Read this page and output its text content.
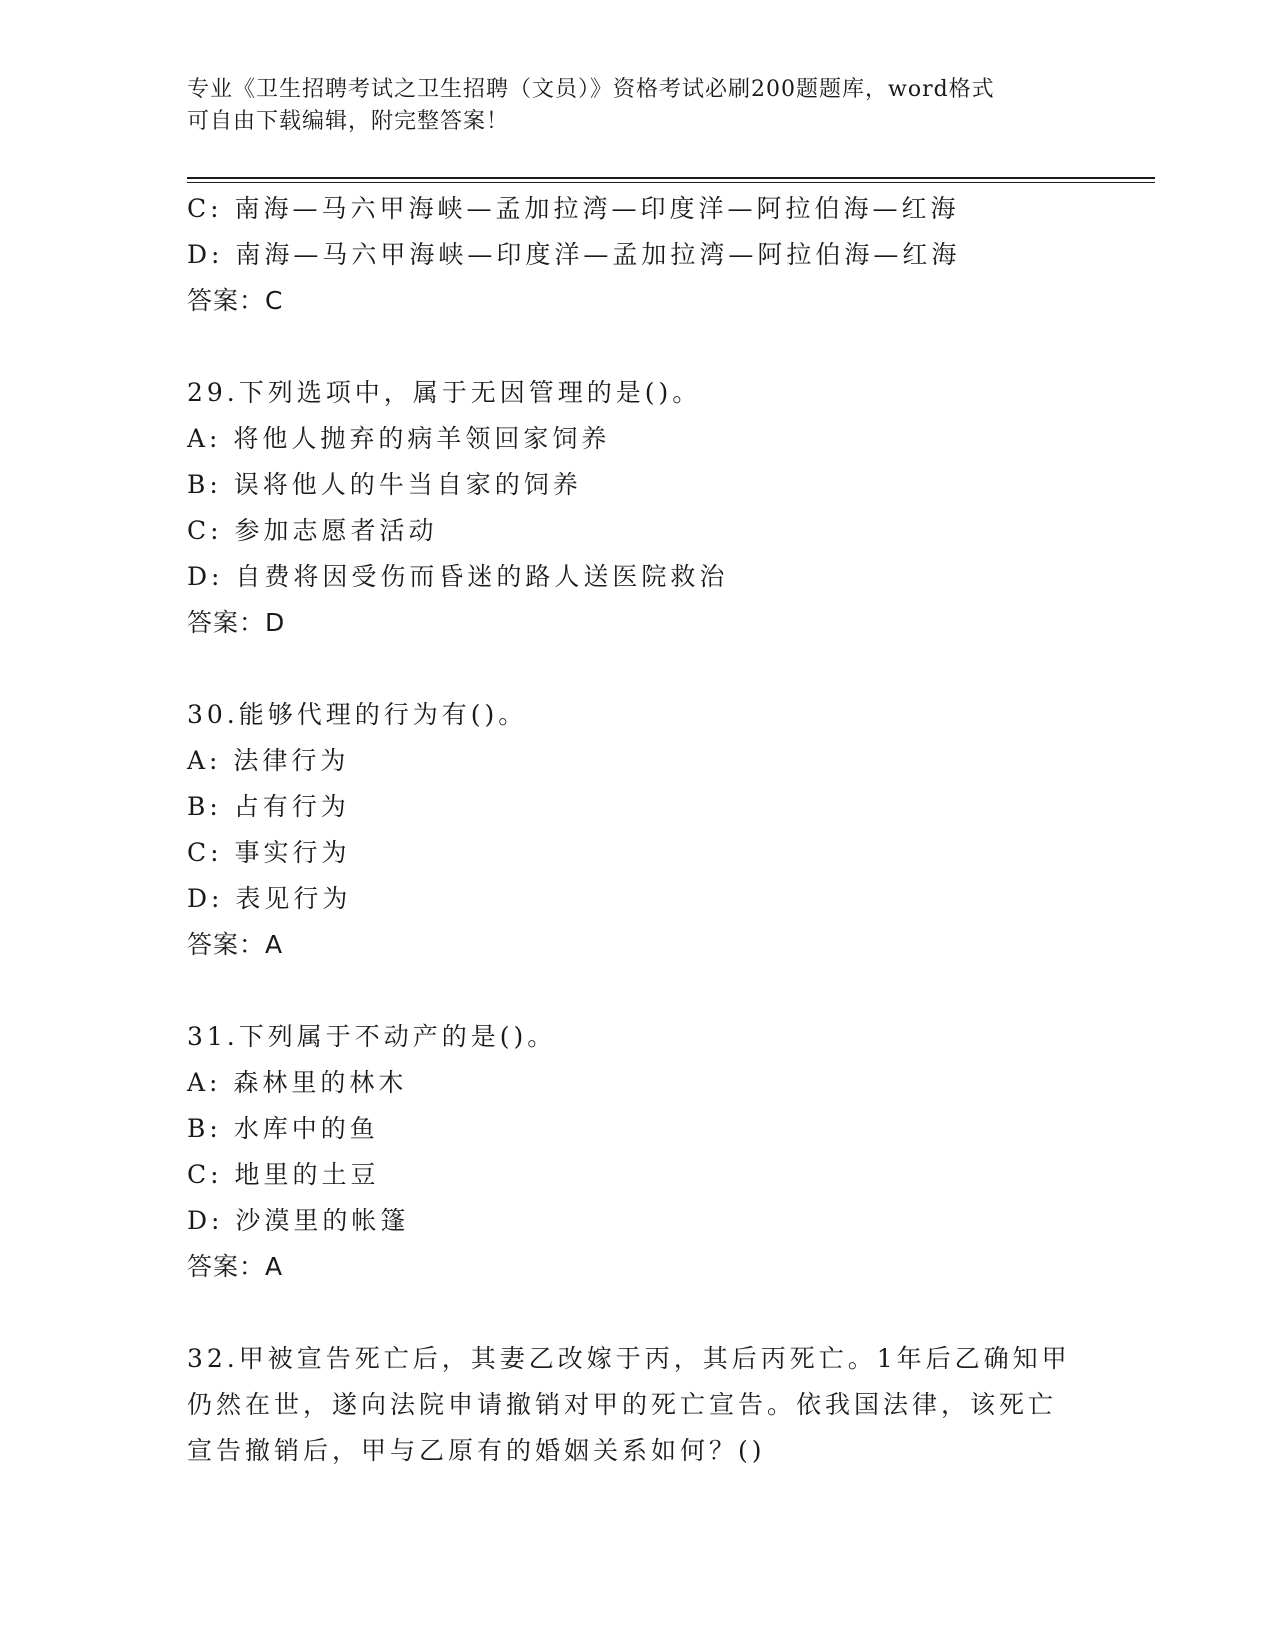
专业《卫生招聘考试之卫生招聘（文员）》资格考试必刷200题题库，word格式
可自由下载编辑，附完整答案！
C: 南海—马六甲海峡—孟加拉湾—印度洋—阿拉伯海—红海
D: 南海—马六甲海峡—印度洋—孟加拉湾—阿拉伯海—红海
答案：C
29.下列选项中，属于无因管理的是()。
A: 将他人抛弃的病羊领回家饲养
B: 误将他人的牛当自家的饲养
C: 参加志愿者活动
D: 自费将因受伤而昏迷的路人送医院救治
答案：D
30.能够代理的行为有()。
A: 法律行为
B: 占有行为
C: 事实行为
D: 表见行为
答案：A
31.下列属于不动产的是()。
A: 森林里的林木
B: 水库中的鱼
C: 地里的土豆
D: 沙漠里的帐篷
答案：A
32.甲被宣告死亡后，其妻乙改嫁于丙，其后丙死亡。1年后乙确知甲
仍然在世，遂向法院申请撤销对甲的死亡宣告。依我国法律，该死亡
宣告撤销后，甲与乙原有的婚姻关系如何？()
